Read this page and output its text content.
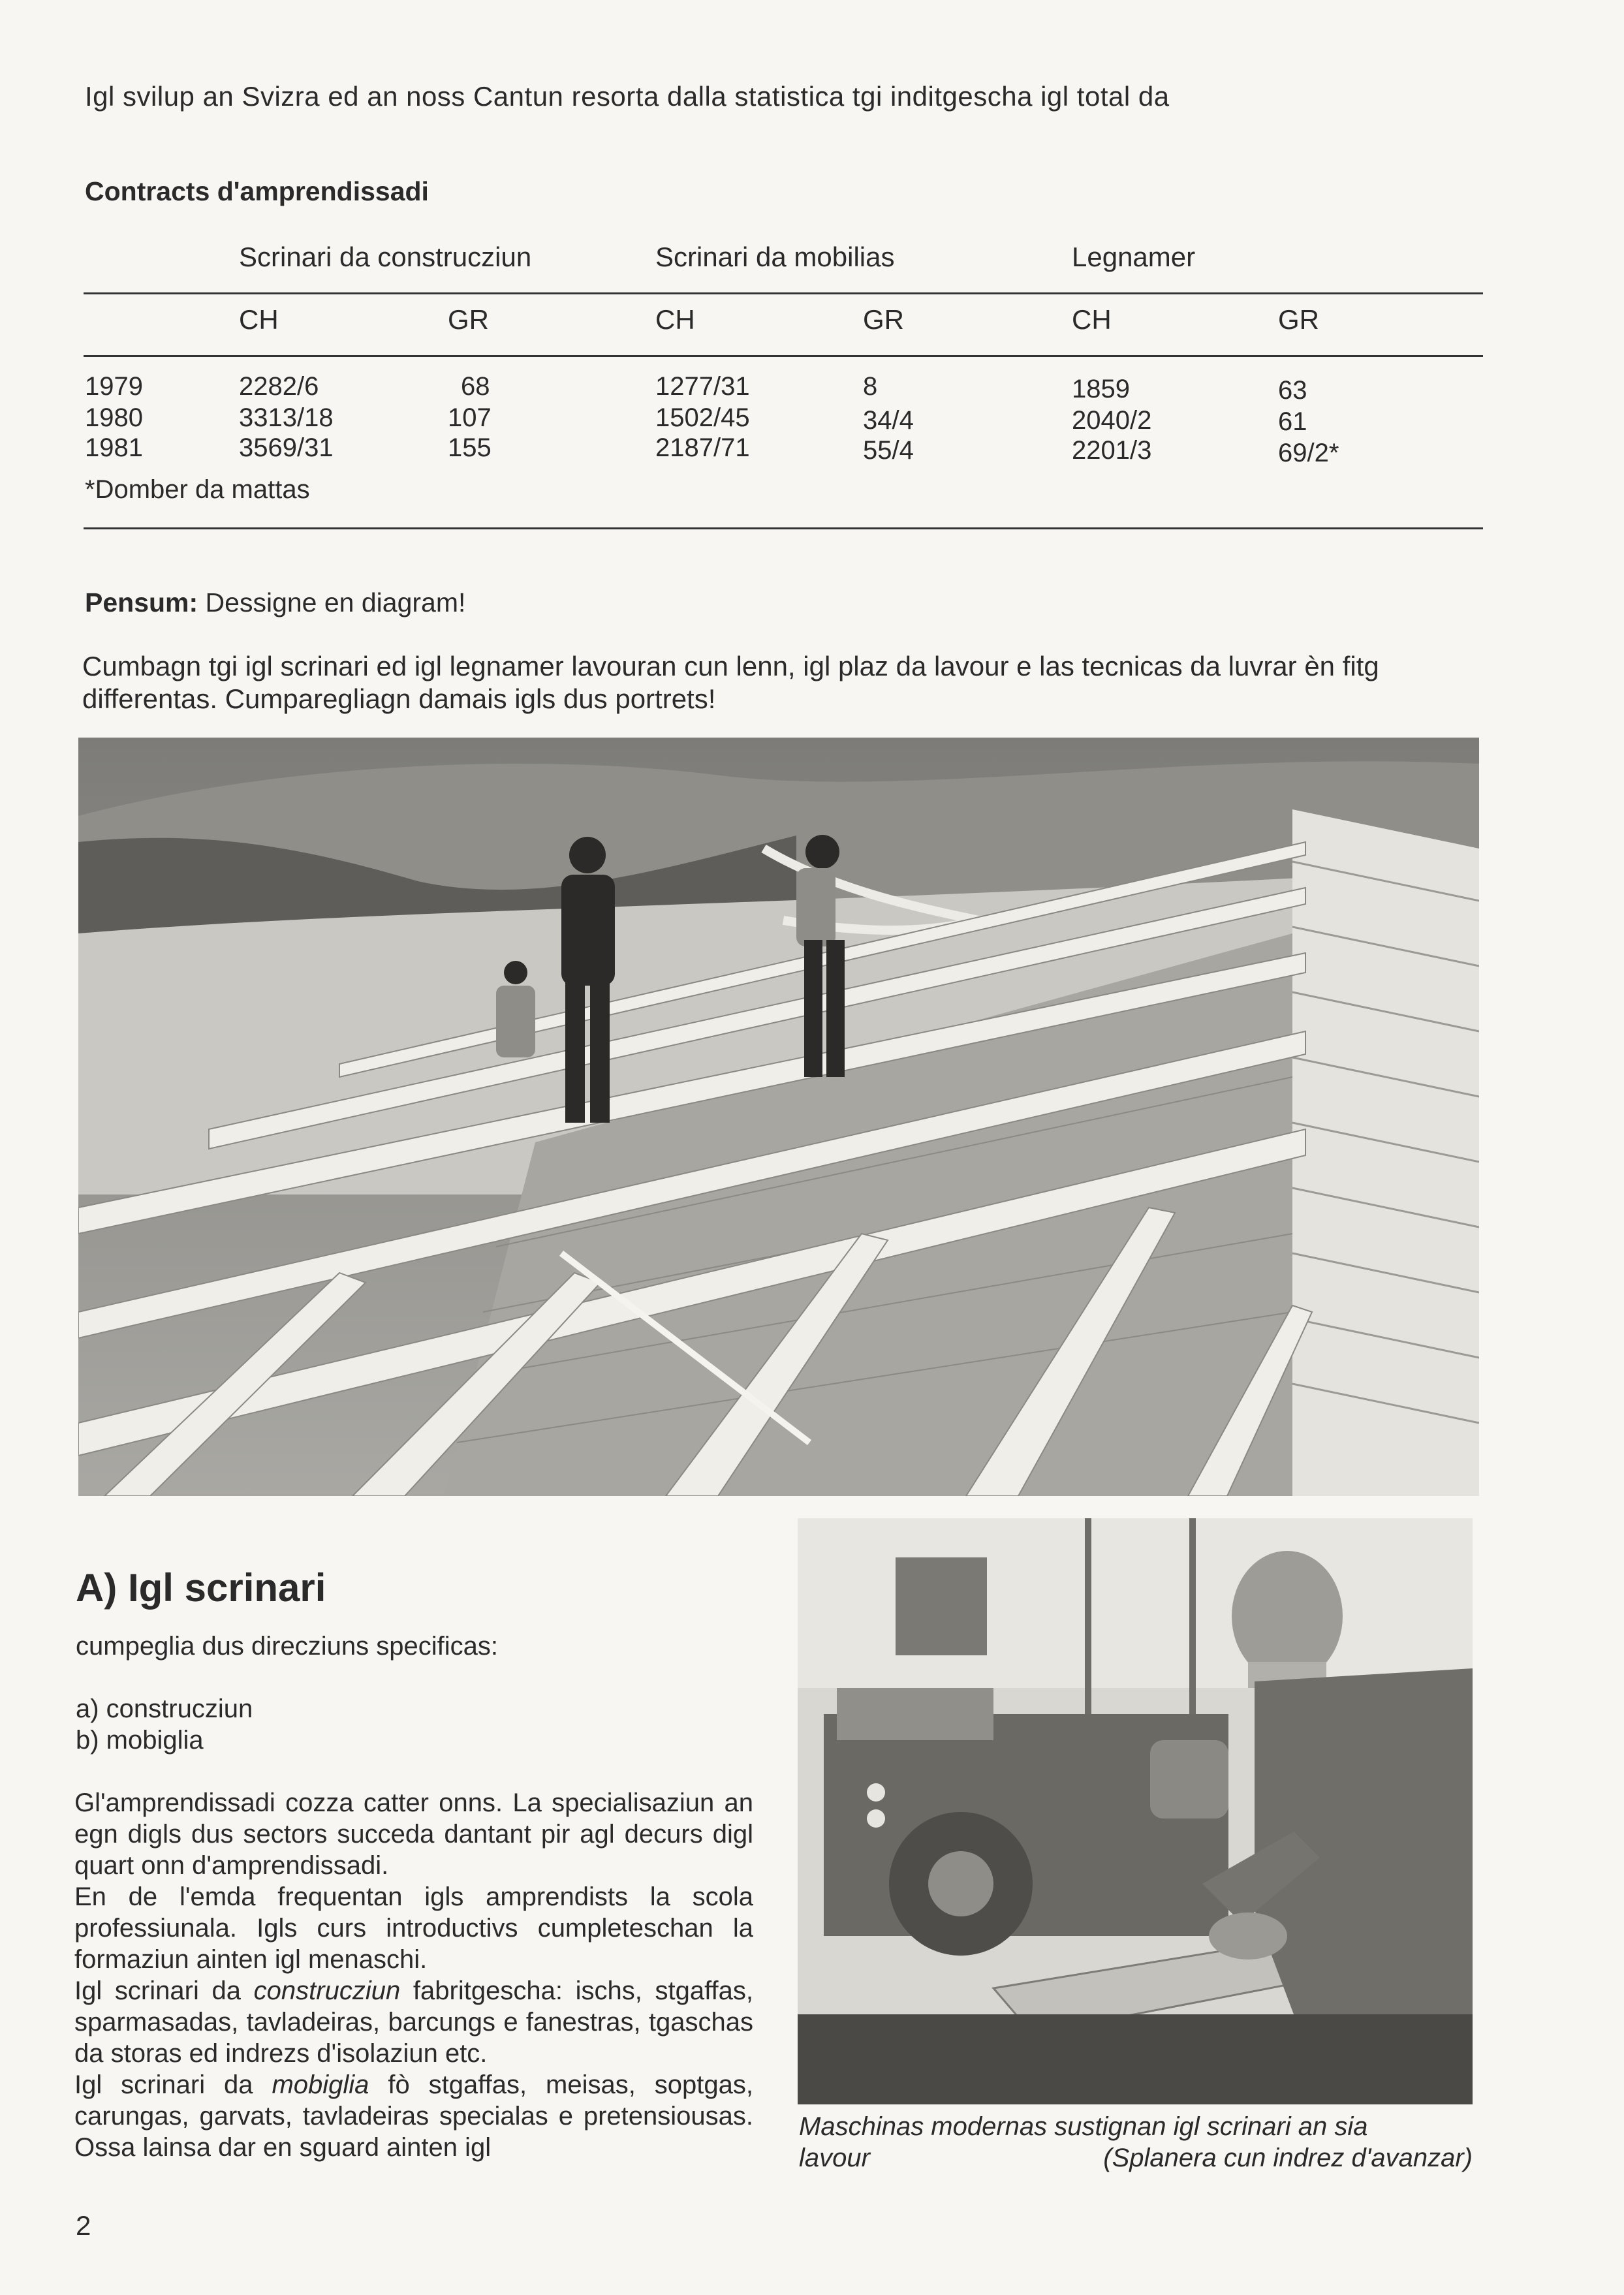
Igl svilup an Svizra ed an noss Cantun resorta dalla statistica tgi inditgescha igl total da
Contracts d'amprendissadi
Scrinari da construcziun	Scrinari da mobilias	Legnamer
CH	GR	CH	GR	CH	GR
1979	2282/6	68	1277/31	8	1859	63
1980	3313/18	107	1502/45	34/4	2040/2	61
1981	3569/31	155	2187/71	55/4	2201/3	69/2*
*Domber da mattas
Pensum: Dessigne en diagram!
Cumbagn tgi igl scrinari ed igl legnamer lavouran cun lenn, igl plaz da lavour e las tecnicas da luvrar èn fitg differentas. Cumparegliagn damais igls dus portrets!
A) Igl scrinari
cumpeglia dus direcziuns specificas:
a) construcziun
b) mobiglia
Gl'amprendissadi cozza catter onns. La specialisaziun an egn digls dus sectors succeda dantant pir agl decurs digl quart onn d'amprendissadi.
En de l'emda frequentan igls amprendists la scola professiunala. Igls curs introductivs cumpleteschan la formaziun ainten igl menaschi.
Igl scrinari da construcziun fabritgescha: ischs, stgaffas, sparmasadas, tavladeiras, barcungs e fanestras, tgaschas da storas ed indrezs d'isolaziun etc.
Igl scrinari da mobiglia fò stgaffas, meisas, soptgas, carungas, garvats, tavladeiras specialas e pretensiousas. Ossa lainsa dar en sguard ainten igl
Maschinas modernas sustignan igl scrinari an sia
lavour	(Splanera cun indrez d'avanzar)
2
